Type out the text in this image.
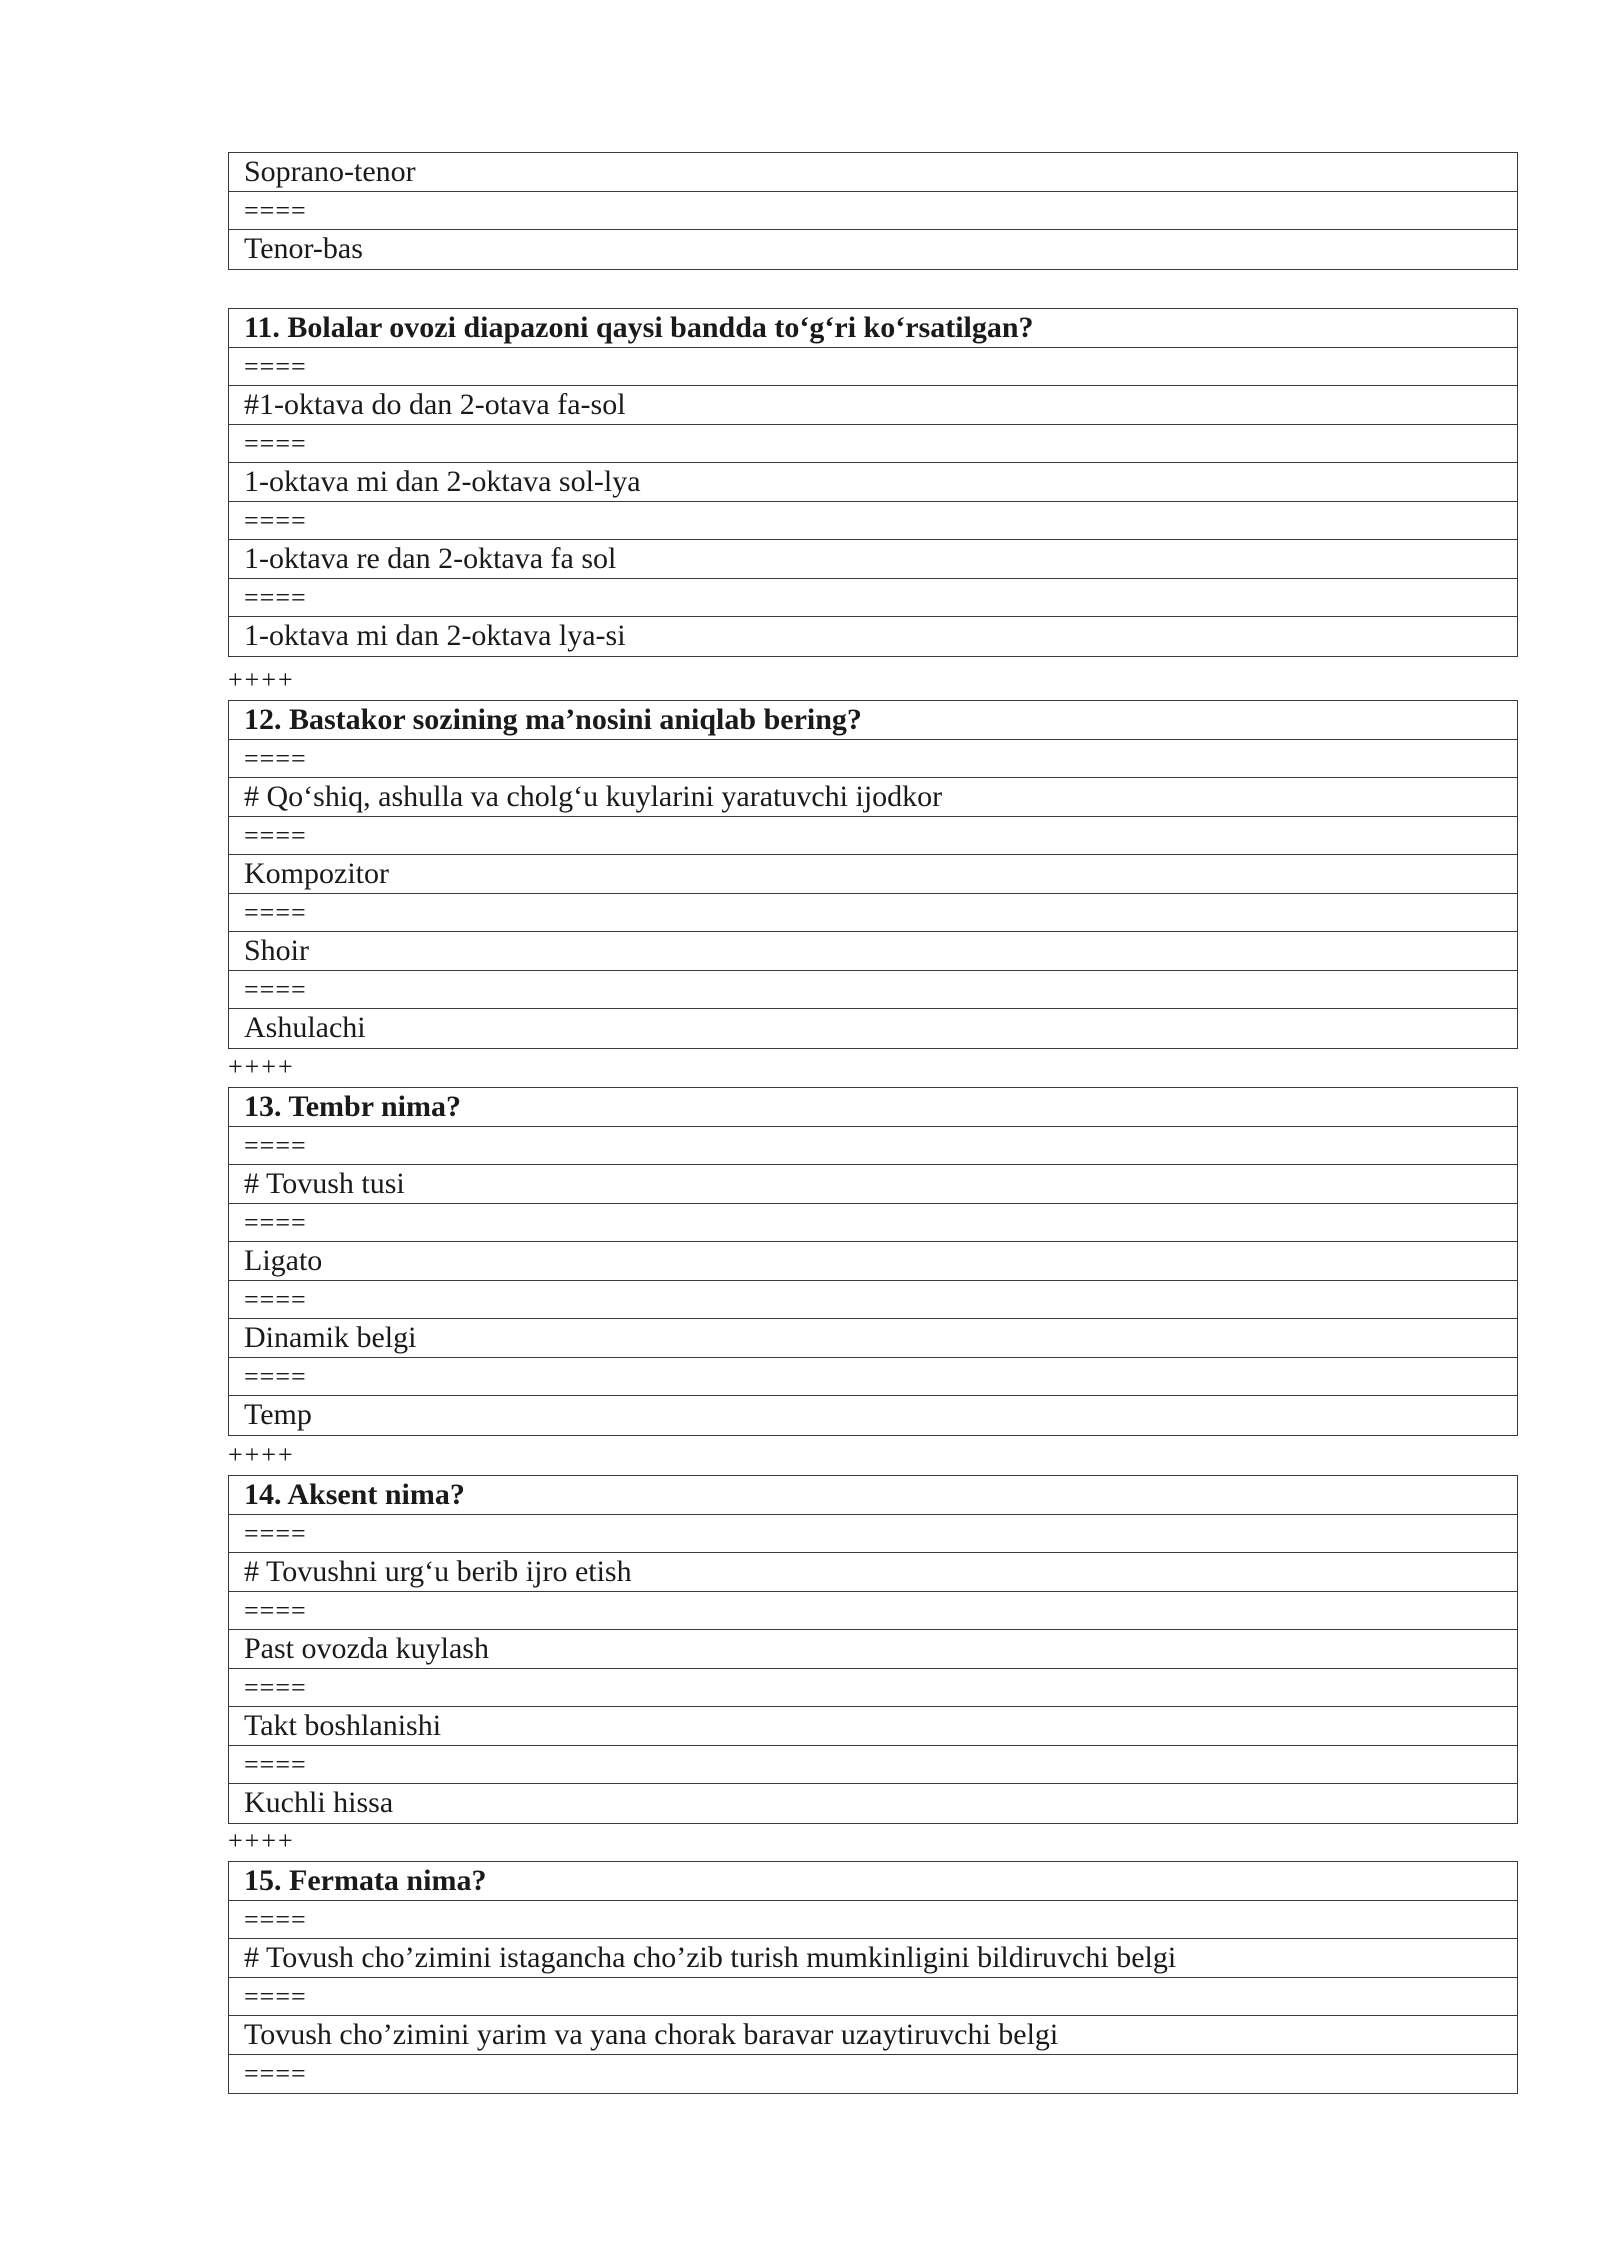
Soprano-tenor
====
Tenor-bas
11. Bolalar ovozi diapazoni qaysi bandda to‘g‘ri ko‘rsatilgan?
====
#1-oktava do dan 2-otava fa-sol
====
1-oktava mi dan 2-oktava sol-lya
====
1-oktava re dan 2-oktava fa sol
====
1-oktava mi dan 2-oktava lya-si
++++
12. Bastakor sozining ma’nosini aniqlab bering?
====
# Qo‘shiq, ashulla va cholg‘u kuylarini yaratuvchi ijodkor
====
Kompozitor
====
Shoir
====
Ashulachi
++++
13. Tembr nima?
====
# Tovush tusi
====
Ligato
====
Dinamik belgi
====
Temp
++++
14. Aksent nima?
====
# Tovushni urg‘u berib ijro etish
====
Past ovozda kuylash
====
Takt boshlanishi
====
Kuchli hissa
++++
15. Fermata nima?
====
# Tovush cho’zimini istagancha cho’zib turish mumkinligini bildiruvchi belgi
====
Tovush cho’zimini yarim va yana chorak baravar uzaytiruvchi belgi
====
